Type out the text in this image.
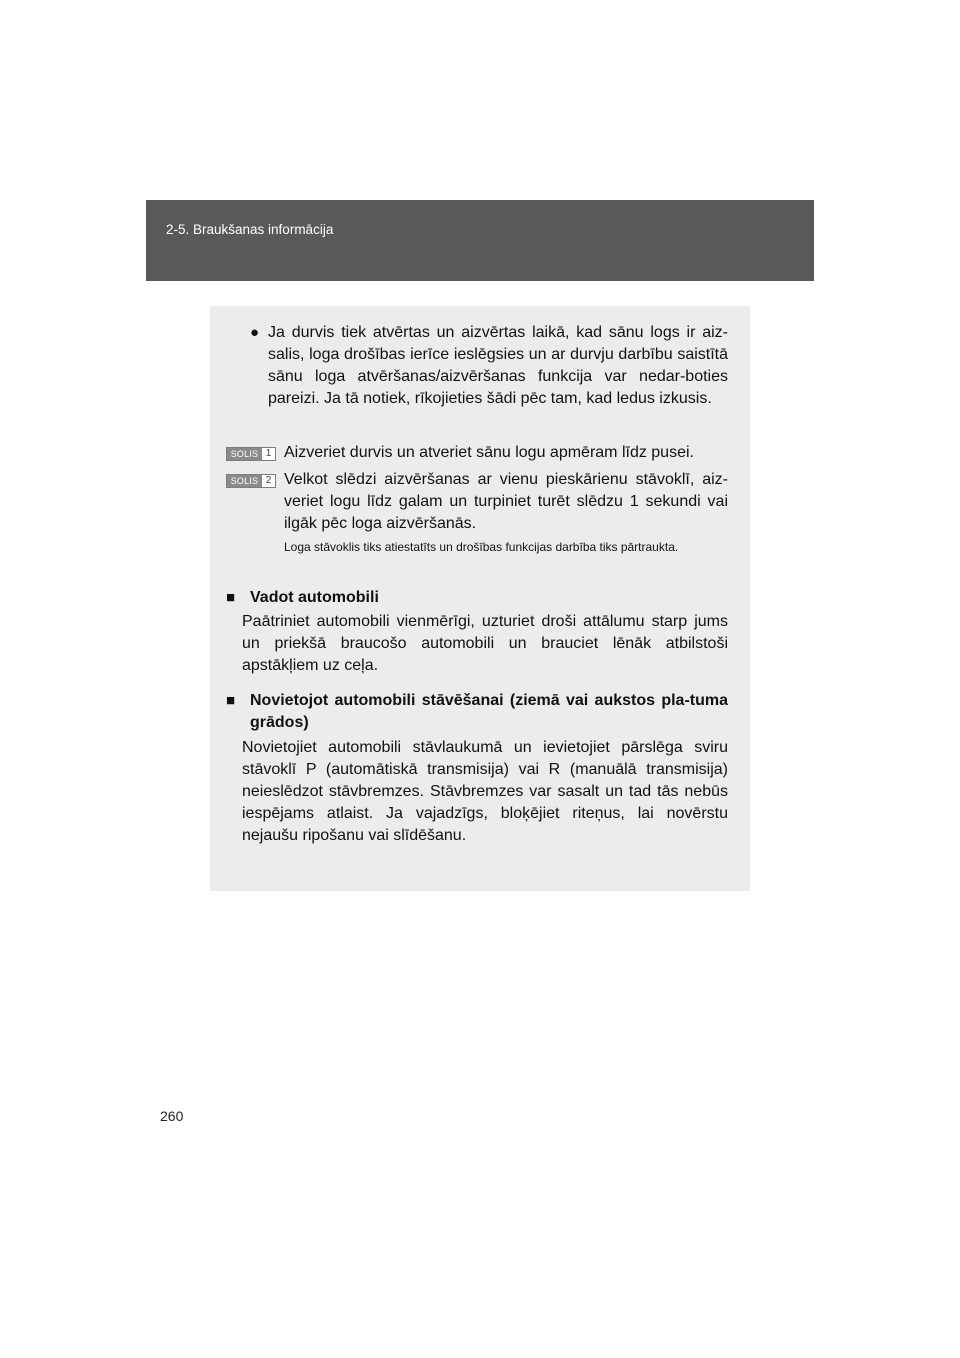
2-5. Braukšanas informācija
● Ja durvis tiek atvērtas un aizvērtas laikā, kad sānu logs ir aiz-salis, loga drošības ierīce ieslēgsies un ar durvju darbību saistītā sānu loga atvēršanas/aizvēršanas funkcija var nedar-boties pareizi. Ja tā notiek, rīkojieties šādi pēc tam, kad ledus izkusis.
SOLIS 1 Aizveriet durvis un atveriet sānu logu apmēram līdz pusei.
SOLIS 2 Velkot slēdzi aizvēršanas ar vienu pieskārienu stāvoklī, aiz-veriet logu līdz galam un turpiniet turēt slēdzu 1 sekundi vai ilgāk pēc loga aizvēršanās.
Loga stāvoklis tiks atiestatīts un drošības funkcijas darbība tiks pārtraukta.
■ Vadot automobili
Paātriniet automobili vienmērīgi, uzturiet droši attālumu starp jums un priekšā braucošo automobili un brauciet lēnāk atbilstoši apstākļiem uz ceļa.
■ Novietojot automobili stāvēšanai (ziemā vai aukstos pla-tuma grādos)
Novietojiet automobili stāvlaukumā un ievietojiet pārslēga sviru stāvoklī P (automātiskā transmisija) vai R (manuālā transmisija) neieslēdzot stāvbremzes. Stāvbremzes var sasalt un tad tās nebūs iespējams atlaist. Ja vajadzīgs, bloķējiet riteņus, lai novērstu nejaušu ripošanu vai slīdēšanu.
260
